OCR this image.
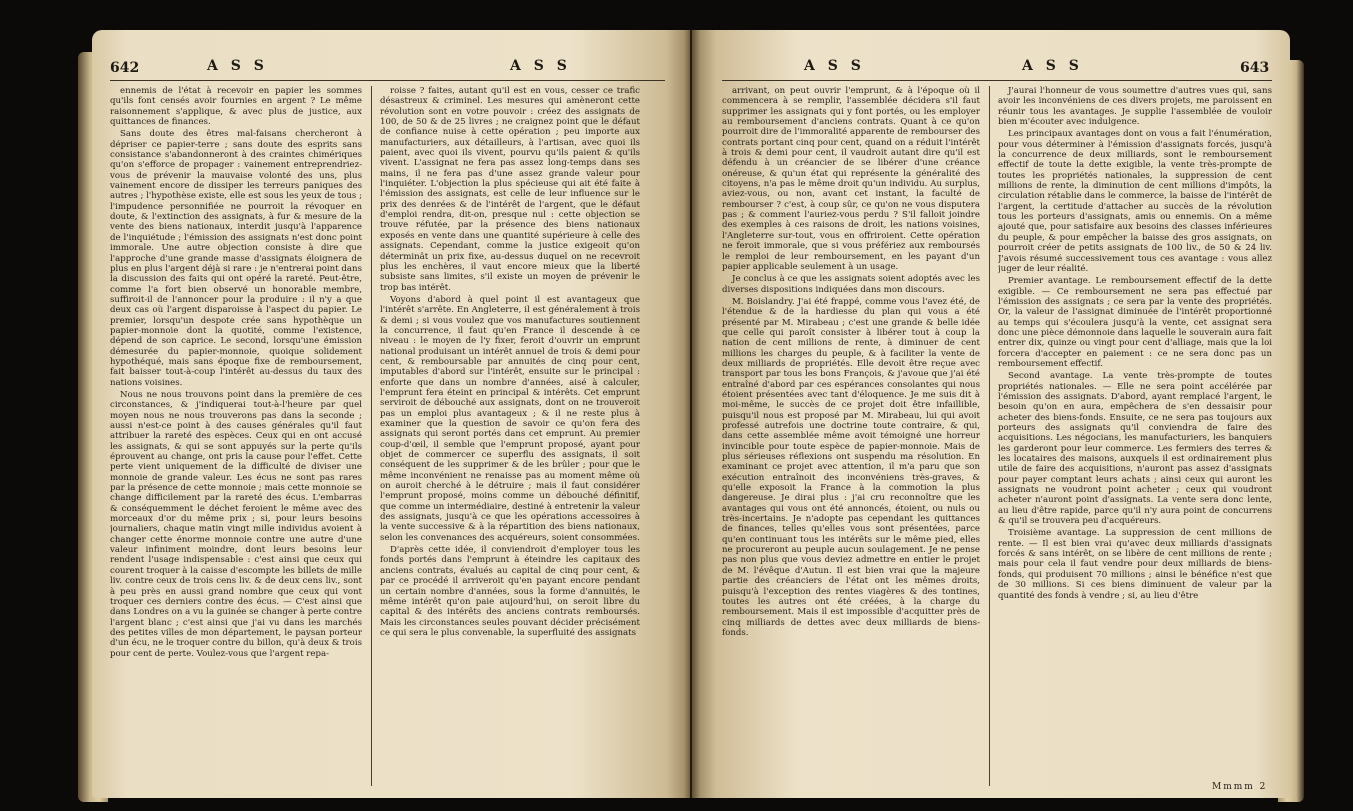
642	A S S	A S S

ennemis de l'état à recevoir en papier les sommes qu'ils font censés avoir fournies en argent ? Le même raisonnement s'applique, & avec plus de justice, aux quittances de finances.

Sans doute des êtres mal-faisans chercheront à dépriser ce papier-terre ; sans doute des esprits sans consistance s'abandonneront à des craintes chimériques qu'on s'efforce de propager : vainement entreprendriez-vous de prévenir la mauvaise volonté des uns, plus vainement encore de dissiper les terreurs paniques des autres ; l'hypothèse existe, elle est sous les yeux de tous ; l'impudence personnifiée ne pourroit la révoquer en doute, & l'extinction des assignats, à fur & mesure de la vente des biens nationaux, interdit jusqu'à l'apparence de l'inquiétude ; l'émission des assignats n'est donc point immorale. Une autre objection consiste à dire que l'approche d'une grande masse d'assignats éloignera de plus en plus l'argent déjà si rare : je n'entrerai point dans la discussion des faits qui ont opéré la rareté. Peut-être, comme l'a fort bien observé un honorable membre, suffiroit-il de l'annoncer pour la produire : il n'y a que deux cas où l'argent disparoisse à l'aspect du papier. Le premier, lorsqu'un despote crée sans hypothèque un papier-monnoie dont la quotité, comme l'existence, dépend de son caprice. Le second, lorsqu'une émission démesurée du papier-monnoie, quoique solidement hypothéqué, mais sans époque fixe de remboursement, fait baisser tout-à-coup l'intérêt au-dessus du taux des nations voisines.

Nous ne nous trouvons point dans la première de ces circonstances, & j'indiquerai tout-à-l'heure par quel moyen nous ne nous trouverons pas dans la seconde ; aussi n'est-ce point à des causes générales qu'il faut attribuer la rareté des espèces. Ceux qui en ont accusé les assignats, & qui se sont appuyés sur la perte qu'ils éprouvent au change, ont pris la cause pour l'effet. Cette perte vient uniquement de la difficulté de diviser une monnoie de grande valeur. Les écus ne sont pas rares par la présence de cette monnoie ; mais cette monnoie se change difficilement par la rareté des écus. L'embarras & conséquemment le déchet feroient le même avec des morceaux d'or du même prix ; si, pour leurs besoins journaliers, chaque matin vingt mille individus avoient à changer cette énorme monnoie contre une autre d'une valeur infiniment moindre, dont leurs besoins leur rendent l'usage indispensable : c'est ainsi que ceux qui courent troquer à la caisse d'escompte les billets de mille liv. contre ceux de trois cens liv. & de deux cens liv., sont à peu près en aussi grand nombre que ceux qui vont troquer ces derniers contre des écus. — C'est ainsi que dans Londres on a vu la guinée se changer à perte contre l'argent blanc ; c'est ainsi que j'ai vu dans les marchés des petites villes de mon département, le paysan porteur d'un écu, ne le troquer contre du billon, qu'à deux & trois pour cent de perte. Voulez-vous que l'argent repa-

roisse ? faites, autant qu'il est en vous, cesser ce trafic désastreux & criminel. Les mesures qui amèneront cette révolution sont en votre pouvoir : créez des assignats de 100, de 50 & de 25 livres ; ne craignez point que le défaut de confiance nuise à cette opération ; peu importe aux manufacturiers, aux détailleurs, à l'artisan, avec quoi ils paient, avec quoi ils vivent, pourvu qu'ils paient & qu'ils vivent. L'assignat ne fera pas assez long-temps dans ses mains, il ne fera pas d'une assez grande valeur pour l'inquiéter. L'objection la plus spécieuse qui ait été faite à l'émission des assignats, est celle de leur influence sur le prix des denrées & de l'intérêt de l'argent, que le défaut d'emploi rendra, dit-on, presque nul : cette objection se trouve réfutée, par la présence des biens nationaux exposés en vente dans une quantité supérieure à celle des assignats. Cependant, comme la justice exigeoit qu'on déterminât un prix fixe, au-dessus duquel on ne recevroit plus les enchères, il vaut encore mieux que la liberté subsiste sans limites, s'il existe un moyen de prévenir le trop bas intérêt.

Voyons d'abord à quel point il est avantageux que l'intérêt s'arrête. En Angleterre, il est généralement à trois & demi ; si vous voulez que vos manufactures soutiennent la concurrence, il faut qu'en France il descende à ce niveau : le moyen de l'y fixer, feroit d'ouvrir un emprunt national produisant un intérêt annuel de trois & demi pour cent, & remboursable par annuités de cinq pour cent, imputables d'abord sur l'intérêt, ensuite sur le principal : enforte que dans un nombre d'années, aisé à calculer, l'emprunt fera éteint en principal & intérêts. Cet emprunt serviroit de débouché aux assignats, dont on ne trouveroit pas un emploi plus avantageux ; & il ne reste plus à examiner que la question de savoir ce qu'on fera des assignats qui seront portés dans cet emprunt. Au premier coup-d'œil, il semble que l'emprunt proposé, ayant pour objet de commercer ce superflu des assignats, il soit conséquent de les supprimer & de les brûler ; pour que le même inconvénient ne renaisse pas au moment même où on auroit cherché à le détruire ; mais il faut considérer l'emprunt proposé, moins comme un débouché définitif, que comme un intermédiaire, destiné à entretenir la valeur des assignats, jusqu'à ce que les opérations accessoires à la vente successive & à la répartition des biens nationaux, selon les convenances des acquéreurs, soient consommées.

D'après cette idée, il conviendroit d'employer tous les fonds portés dans l'emprunt à éteindre les capitaux des anciens contrats, évalués au capital de cinq pour cent, & par ce procédé il arriveroit qu'en payant encore pendant un certain nombre d'années, sous la forme d'annuités, le même intérêt qu'on paie aujourd'hui, on seroit libre du capital & des intérêts des anciens contrats remboursés. Mais les circonstances seules pouvant décider précisément ce qui sera le plus convenable, la superfluité des assignats

A S S	A S S	643

arrivant, on peut ouvrir l'emprunt, & à l'époque où il commencera à se remplir, l'assemblée décidera s'il faut supprimer les assignats qui y font portés, ou les employer au remboursement d'anciens contrats. Quant à ce qu'on pourroit dire de l'immoralité apparente de rembourser des contrats portant cinq pour cent, quand on a réduit l'intérêt à trois & demi pour cent, il vaudroit autant dire qu'il est défendu à un créancier de se libérer d'une créance onéreuse, & qu'un état qui représente la généralité des citoyens, n'a pas le même droit qu'un individu. Au surplus, aviez-vous, ou non, avant cet instant, la faculté de rembourser ? c'est, à coup sûr, ce qu'on ne vous disputera pas ; & comment l'auriez-vous perdu ? S'il falloit joindre des exemples à ces raisons de droit, les nations voisines, l'Angleterre sur-tout, vous en offriroient. Cette opération ne feroit immorale, que si vous préfériez aux remboursés le remploi de leur remboursement, en les payant d'un papier applicable seulement à un usage.

Je conclus à ce que les assignats soient adoptés avec les diverses dispositions indiquées dans mon discours.

M. Boislandry. J'ai été frappé, comme vous l'avez été, de l'étendue & de la hardiesse du plan qui vous a été présenté par M. Mirabeau ; c'est une grande & belle idée que celle qui paroît consister à libérer tout à coup la nation de cent millions de rente, à diminuer de cent millions les charges du peuple, & à faciliter la vente de deux milliards de propriétés. Elle devoit être reçue avec transport par tous les bons François, & j'avoue que j'ai été entraîné d'abord par ces espérances consolantes qui nous étoient présentées avec tant d'éloquence. Je me suis dit à moi-même, le succès de ce projet doit être infaillible, puisqu'il nous est proposé par M. Mirabeau, lui qui avoit professé autrefois une doctrine toute contraire, & qui, dans cette assemblée même avoit témoigné une horreur invincible pour toute espèce de papier-monnoie. Mais de plus sérieuses réflexions ont suspendu ma résolution. En examinant ce projet avec attention, il m'a paru que son exécution entraînoit des inconvéniens très-graves, & qu'elle exposoit la France à la commotion la plus dangereuse. Je dirai plus : j'ai cru reconnoître que les avantages qui vous ont été annoncés, étoient, ou nuls ou très-incertains. Je n'adopte pas cependant les quittances de finances, telles qu'elles vous sont présentées, parce qu'en continuant tous les intérêts sur le même pied, elles ne procureront au peuple aucun soulagement. Je ne pense pas non plus que vous deviez admettre en entier le projet de M. l'évêque d'Autun. Il est bien vrai que la majeure partie des créanciers de l'état ont les mêmes droits, puisqu'à l'exception des rentes viagères & des tontines, toutes les autres ont été créées, à la charge du remboursement. Mais il est impossible d'acquitter près de cinq milliards de dettes avec deux milliards de biens-fonds.

J'aurai l'honneur de vous soumettre d'autres vues qui, sans avoir les inconvéniens de ces divers projets, me paroissent en réunir tous les avantages. Je supplie l'assemblée de vouloir bien m'écouter avec indulgence.

Les principaux avantages dont on vous a fait l'énumération, pour vous déterminer à l'émission d'assignats forcés, jusqu'à la concurrence de deux milliards, sont le remboursement effectif de toute la dette exigible, la vente très-prompte de toutes les propriétés nationales, la suppression de cent millions de rente, la diminution de cent millions d'impôts, la circulation rétablie dans le commerce, la baisse de l'intérêt de l'argent, la certitude d'attacher au succès de la révolution tous les porteurs d'assignats, amis ou ennemis. On a même ajouté que, pour satisfaire aux besoins des classes inférieures du peuple, & pour empêcher la baisse des gros assignats, on pourroit créer de petits assignats de 100 liv., de 50 & 24 liv. J'avois résumé successivement tous ces avantage : vous allez juger de leur réalité.

Premier avantage. Le remboursement effectif de la dette exigible. — Ce remboursement ne sera pas effectué par l'émission des assignats ; ce sera par la vente des propriétés. Or, la valeur de l'assignat diminuée de l'intérêt proportionné au temps qui s'écoulera jusqu'à la vente, cet assignat sera donc une pièce démonnoie dans laquelle le souverain aura fait entrer dix, quinze ou vingt pour cent d'alliage, mais que la loi forcera d'accepter en paiement : ce ne sera donc pas un remboursement effectif.

Second avantage. La vente très-prompte de toutes propriétés nationales. — Elle ne sera point accélérée par l'émission des assignats. D'abord, ayant remplacé l'argent, le besoin qu'on en aura, empêchera de s'en dessaisir pour acheter des biens-fonds. Ensuite, ce ne sera pas toujours aux porteurs des assignats qu'il conviendra de faire des acquisitions. Les négocians, les manufacturiers, les banquiers les garderont pour leur commerce. Les fermiers des terres & les locataires des maisons, auxquels il est ordinairement plus utile de faire des acquisitions, n'auront pas assez d'assignats pour payer comptant leurs achats ; ainsi ceux qui auront les assignats ne voudront point acheter ; ceux qui voudront acheter n'auront point d'assignats. La vente sera donc lente, au lieu d'être rapide, parce qu'il n'y aura point de concurrens & qu'il se trouvera peu d'acquéreurs.

Troisième avantage. La suppression de cent millions de rente. — Il est bien vrai qu'avec deux milliards d'assignats forcés & sans intérêt, on se libère de cent millions de rente ; mais pour cela il faut vendre pour deux milliards de biens-fonds, qui produisent 70 millions ; ainsi le bénéfice n'est que de 30 millions. Si ces biens diminuent de valeur par la quantité des fonds à vendre ; si, au lieu d'être

Mmmm 2
